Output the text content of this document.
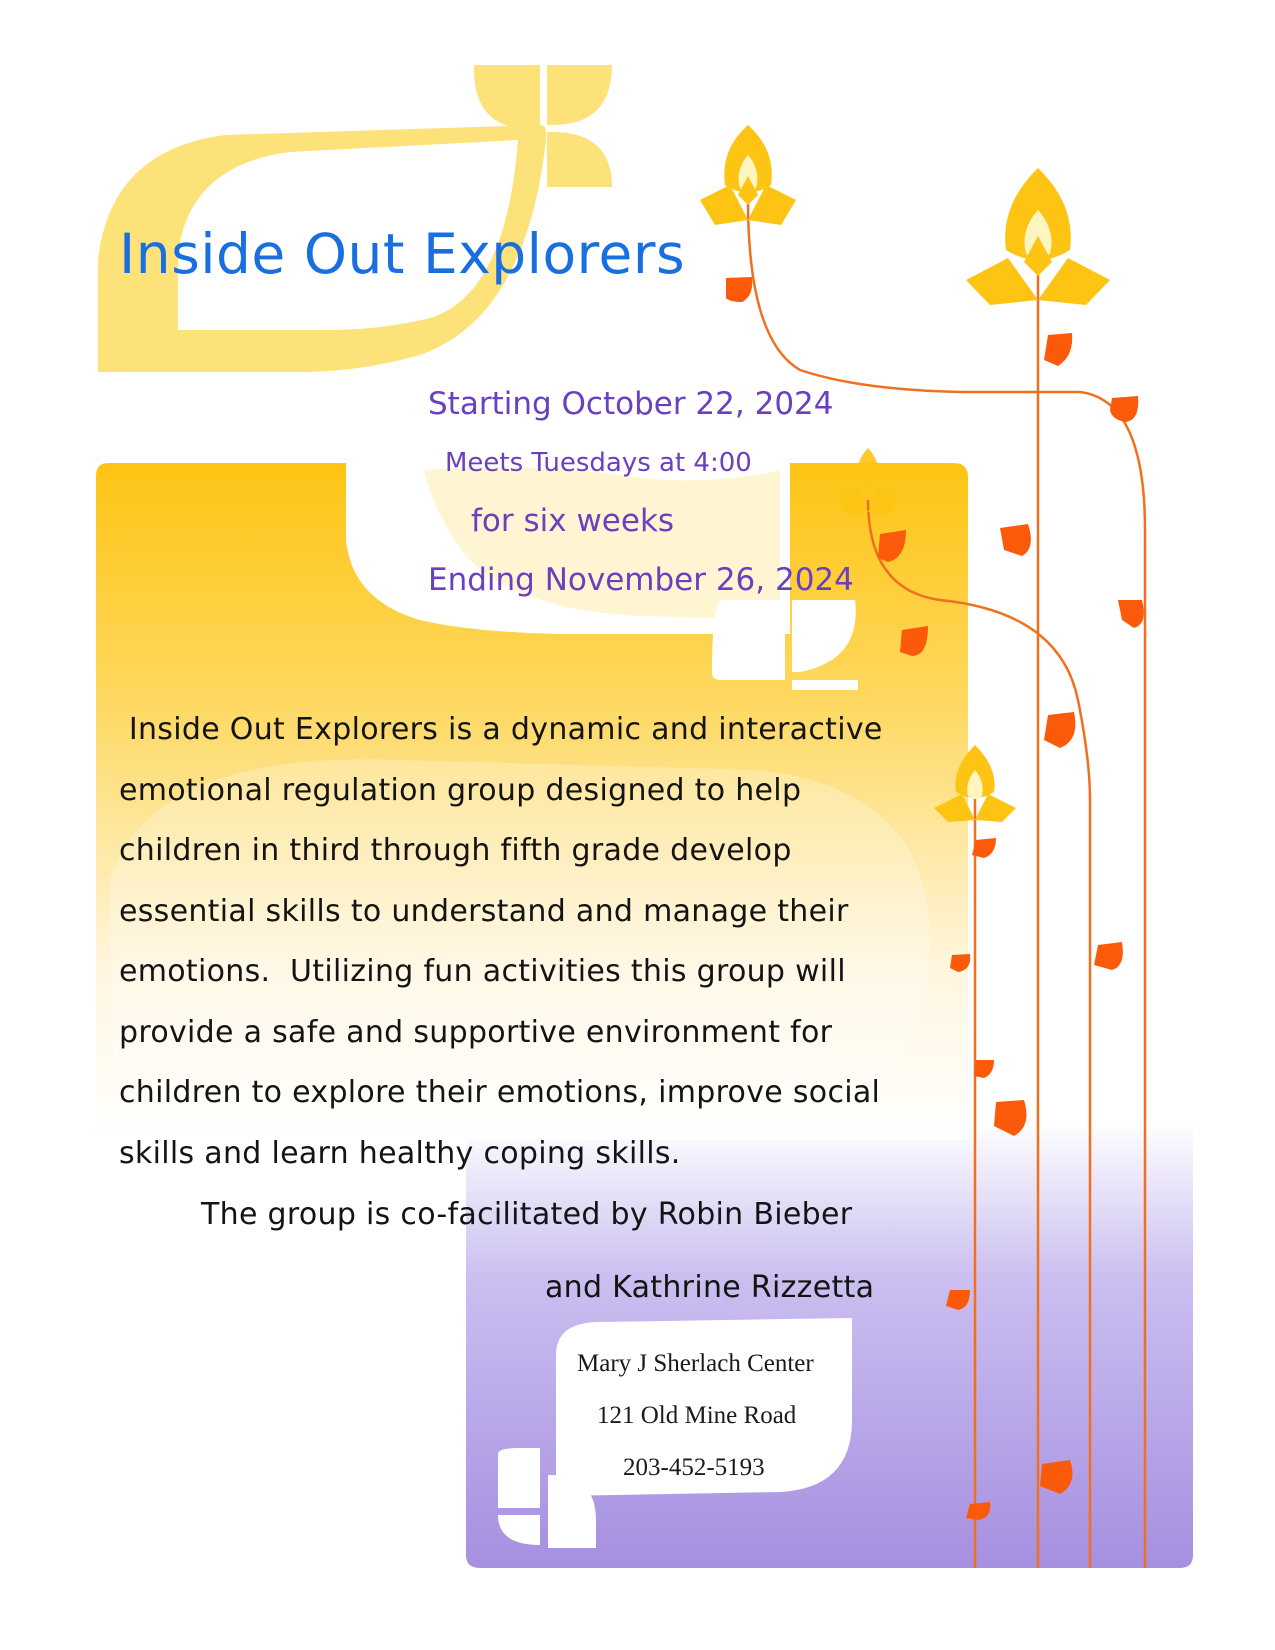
Inside Out Explorers
Starting October 22, 2024
Meets Tuesdays at 4:00
for six weeks
Ending November 26, 2024

Inside Out Explorers is a dynamic and interactive

emotional regulation group designed to help

children in third through fifth grade develop

essential skills to understand and manage their

emotions.  Utilizing fun activities this group will

provide a safe and supportive environment for

children to explore their emotions, improve social

skills and learn healthy coping skills.

The group is co-facilitated by Robin Bieber
and Kathrine Rizzetta
Mary J Sherlach Center
121 Old Mine Road
203-452-5193
